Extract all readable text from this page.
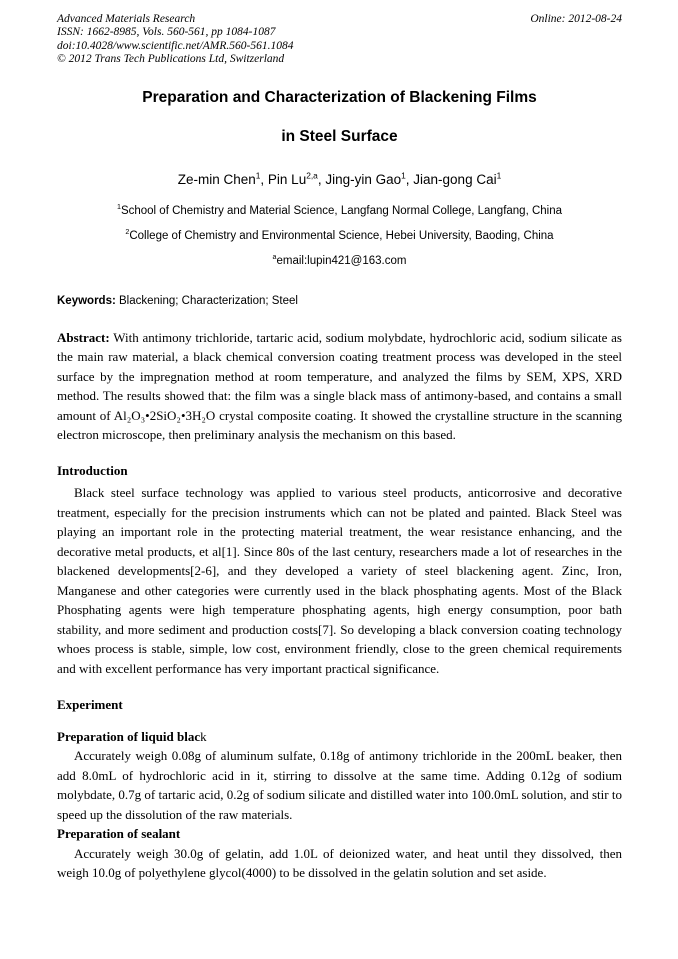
Advanced Materials Research
ISSN: 1662-8985, Vols. 560-561, pp 1084-1087
doi:10.4028/www.scientific.net/AMR.560-561.1084
© 2012 Trans Tech Publications Ltd, Switzerland
Online: 2012-08-24
Preparation and Characterization of Blackening Films
in Steel Surface
Ze-min Chen$^1$, Pin Lu$^{2,a}$, Jing-yin Gao$^1$, Jian-gong Cai$^1$
$^1$School of Chemistry and Material Science, Langfang Normal College, Langfang, China
$^2$College of Chemistry and Environmental Science, Hebei University, Baoding, China
$^a$email:lupin421@163.com
Keywords: Blackening; Characterization; Steel

Abstract: With antimony trichloride, tartaric acid, sodium molybdate, hydrochloric acid, sodium silicate as the main raw material, a black chemical conversion coating treatment process was developed in the steel surface by the impregnation method at room temperature, and analyzed the films by SEM, XPS, XRD method. The results showed that: the film was a single black mass of antimony-based, and contains a small amount of Al₂O₃•2SiO₂•3H₂O crystal composite coating. It showed the crystalline structure in the scanning electron microscope, then preliminary analysis the mechanism on this based.

Introduction

Black steel surface technology was applied to various steel products, anticorrosive and decorative treatment, especially for the precision instruments which can not be plated and painted. Black Steel was playing an important role in the protecting material treatment, the wear resistance enhancing, and the decorative metal products, et al[1]. Since 80s of the last century, researchers made a lot of researches in the blackened developments[2-6], and they developed a variety of steel blackening agent. Zinc, Iron, Manganese and other categories were currently used in the black phosphating agents. Most of the Black Phosphating agents were high temperature phosphating agents, high energy consumption, poor bath stability, and more sediment and production costs[7]. So developing a black conversion coating technology whoes process is stable, simple, low cost, environment friendly, close to the green chemical requirements and with excellent performance has very important practical significance.

Experiment

Preparation of liquid black

Accurately weigh 0.08g of aluminum sulfate, 0.18g of antimony trichloride in the 200mL beaker, then add 8.0mL of hydrochloric acid in it, stirring to dissolve at the same time. Adding 0.12g of sodium molybdate, 0.7g of tartaric acid, 0.2g of sodium silicate and distilled water into 100.0mL solution, and stir to speed up the dissolution of the raw materials.

Preparation of sealant

Accurately weigh 30.0g of gelatin, add 1.0L of deionized water, and heat until they dissolved, then weigh 10.0g of polyethylene glycol(4000) to be dissolved in the gelatin solution and set aside.
